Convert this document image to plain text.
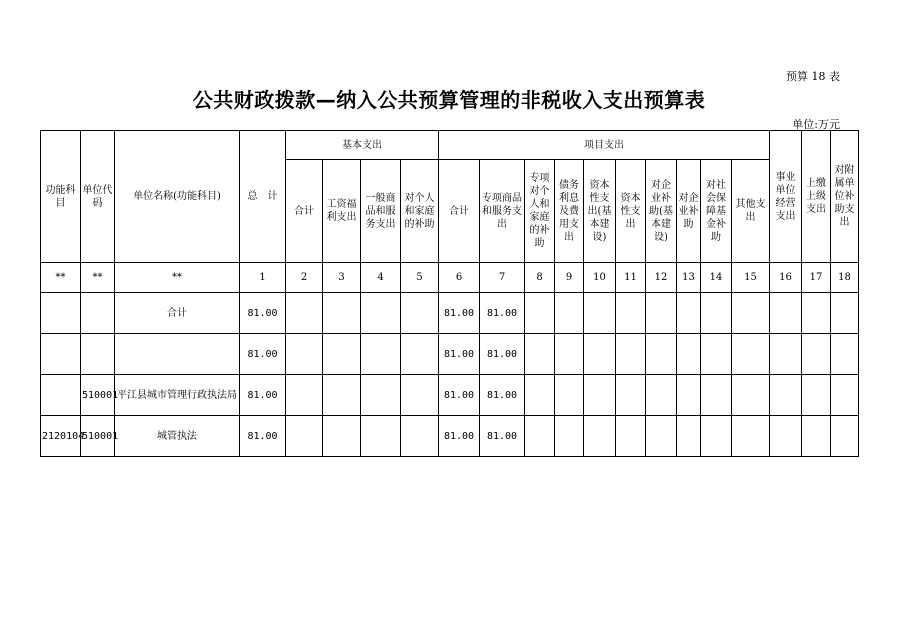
预算 18 表
公共财政拨款—纳入公共预算管理的非税收入支出预算表
单位:万元
功能科目	单位代码	单位名称(功能科目)	总　计	基本支出				项目支出										事业单位经营支出	上缴上级支出	对附属单位补助支出
				合计	工资福利支出	一般商品和服务支出	对个人和家庭的补助	合计	专项商品和服务支出	专项对个人和家庭的补助	债务利息及费用支出	资本性支出(基本建设)	资本性支出	对企业补助(基本建设)	对企业补助	对社会保障基金补助	其他支出			
**	**	**	1	2	3	4	5	6	7	8	9	10	11	12	13	14	15	16	17	18
		合计	81.00					81.00	81.00											
			81.00					81.00	81.00											
	510001	平江县城市管理行政执法局	81.00					81.00	81.00											
2120104	510001	城管执法	81.00					81.00	81.00											
